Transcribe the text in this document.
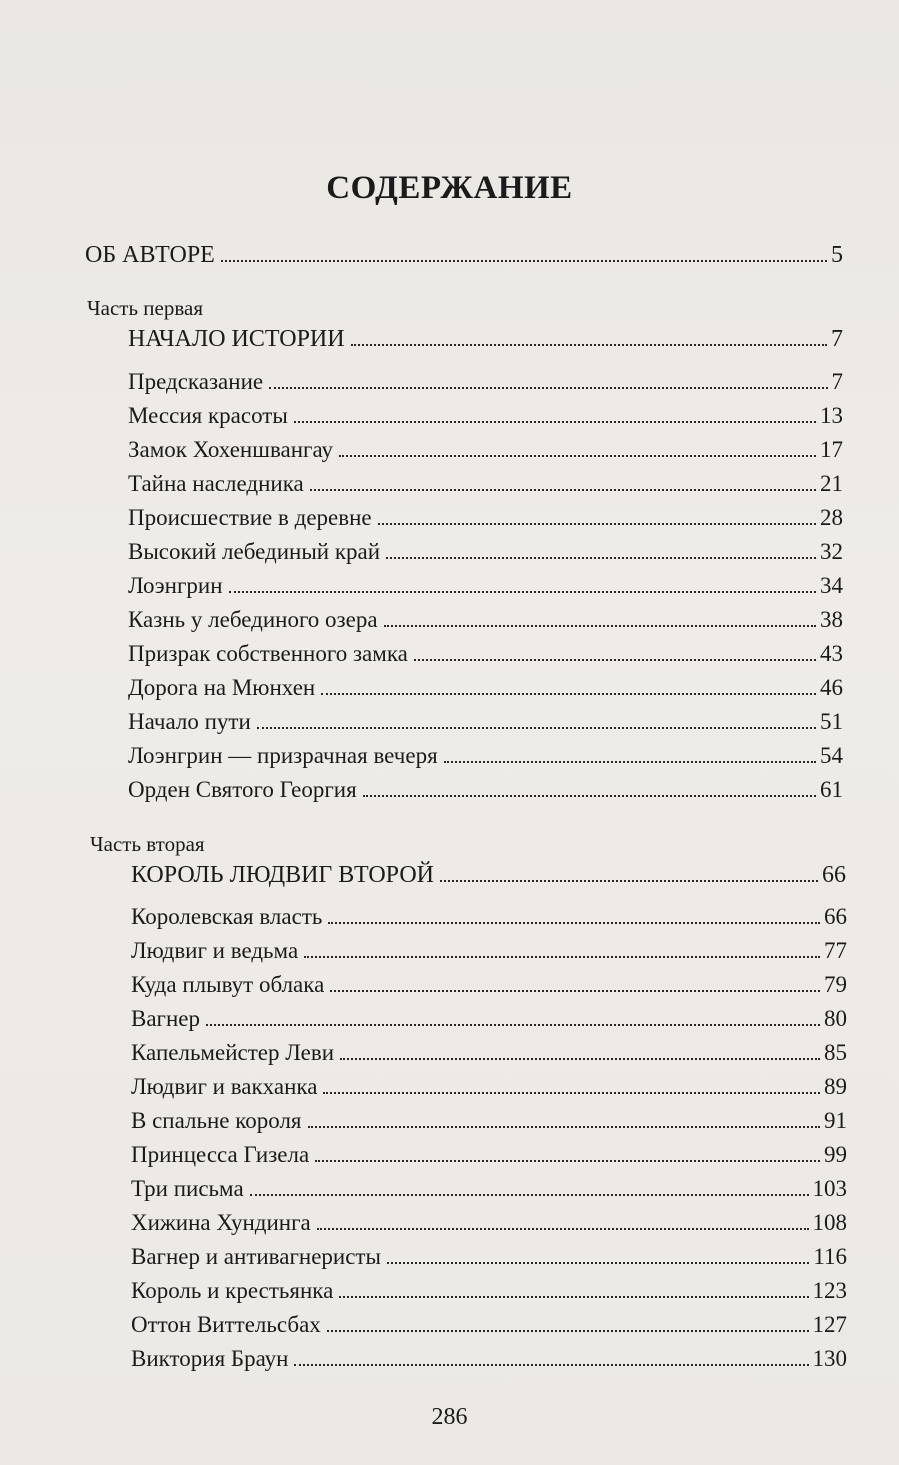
СОДЕРЖАНИЕ
ОБ АВТОРЕ	5
Часть первая
НАЧАЛО ИСТОРИИ	7
Предсказание	7
Мессия красоты	13
Замок Хохеншвангау	17
Тайна наследника	21
Происшествие в деревне	28
Высокий лебединый край	32
Лоэнгрин	34
Казнь у лебединого озера	38
Призрак собственного замка	43
Дорога на Мюнхен	46
Начало пути	51
Лоэнгрин — призрачная вечеря	54
Орден Святого Георгия	61
Часть вторая
КОРОЛЬ ЛЮДВИГ ВТОРОЙ	66
Королевская власть	66
Людвиг и ведьма	77
Куда плывут облака	79
Вагнер	80
Капельмейстер Леви	85
Людвиг и вакханка	89
В спальне короля	91
Принцесса Гизела	99
Три письма	103
Хижина Хундинга	108
Вагнер и антивагнеристы	116
Король и крестьянка	123
Оттон Виттельсбах	127
Виктория Браун	130
286
